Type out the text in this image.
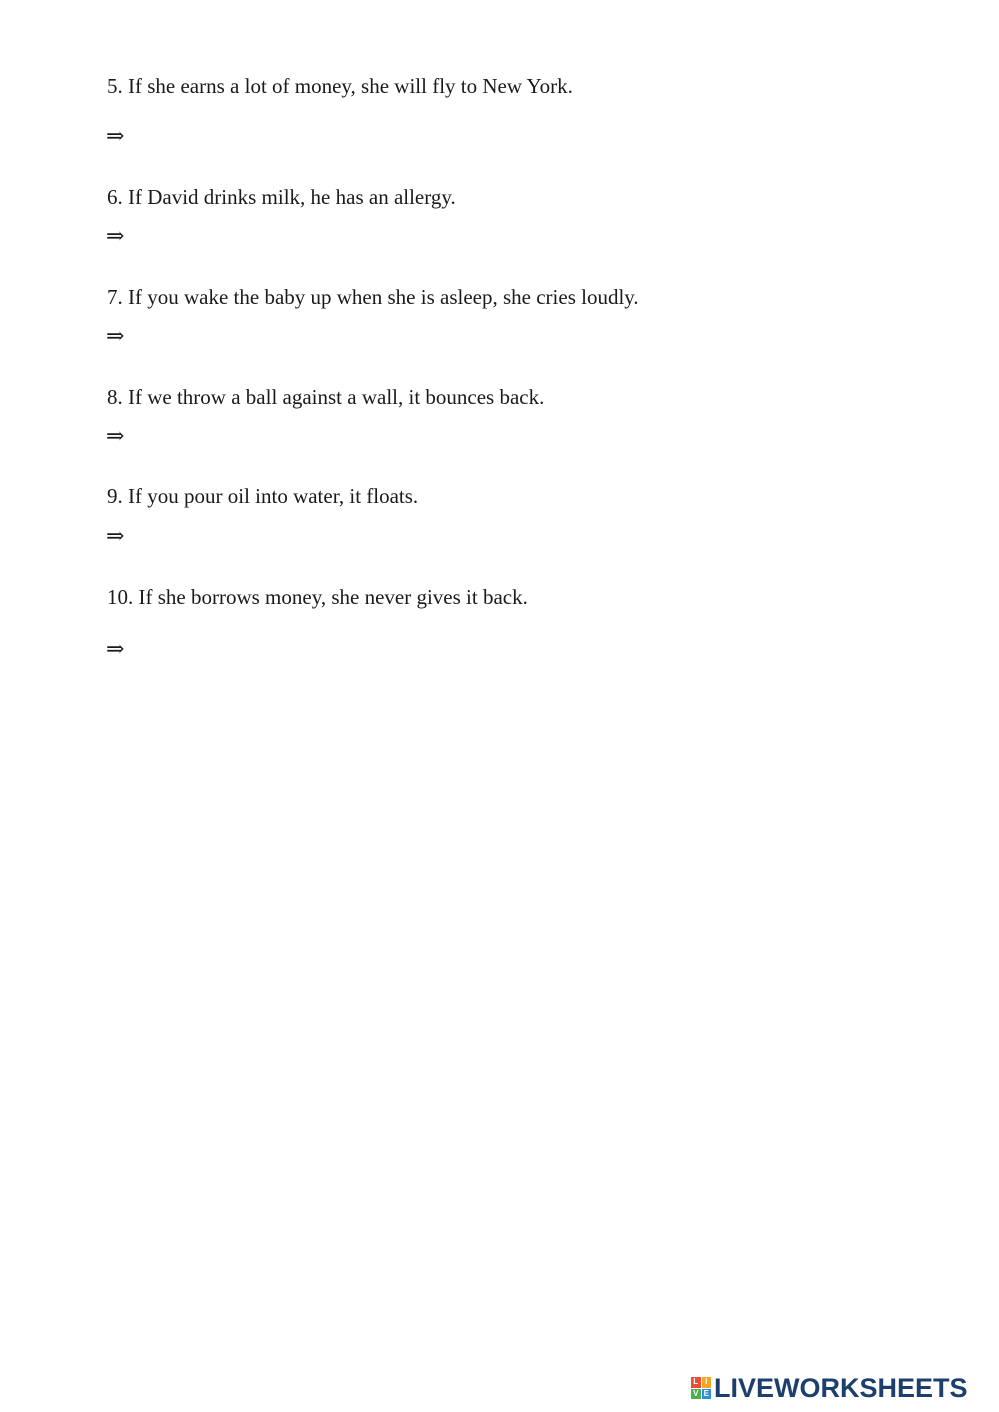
5. If she earns a lot of money, she will fly to New York.
⇒
6. If David drinks milk, he has an allergy.
⇒
7. If you wake the baby up when she is asleep, she cries loudly.
⇒
8. If we throw a ball against a wall, it bounces back.
⇒
9. If you pour oil into water, it floats.
⇒
10. If she borrows money, she never gives it back.
⇒
L I
V E LIVEWORKSHEETS
